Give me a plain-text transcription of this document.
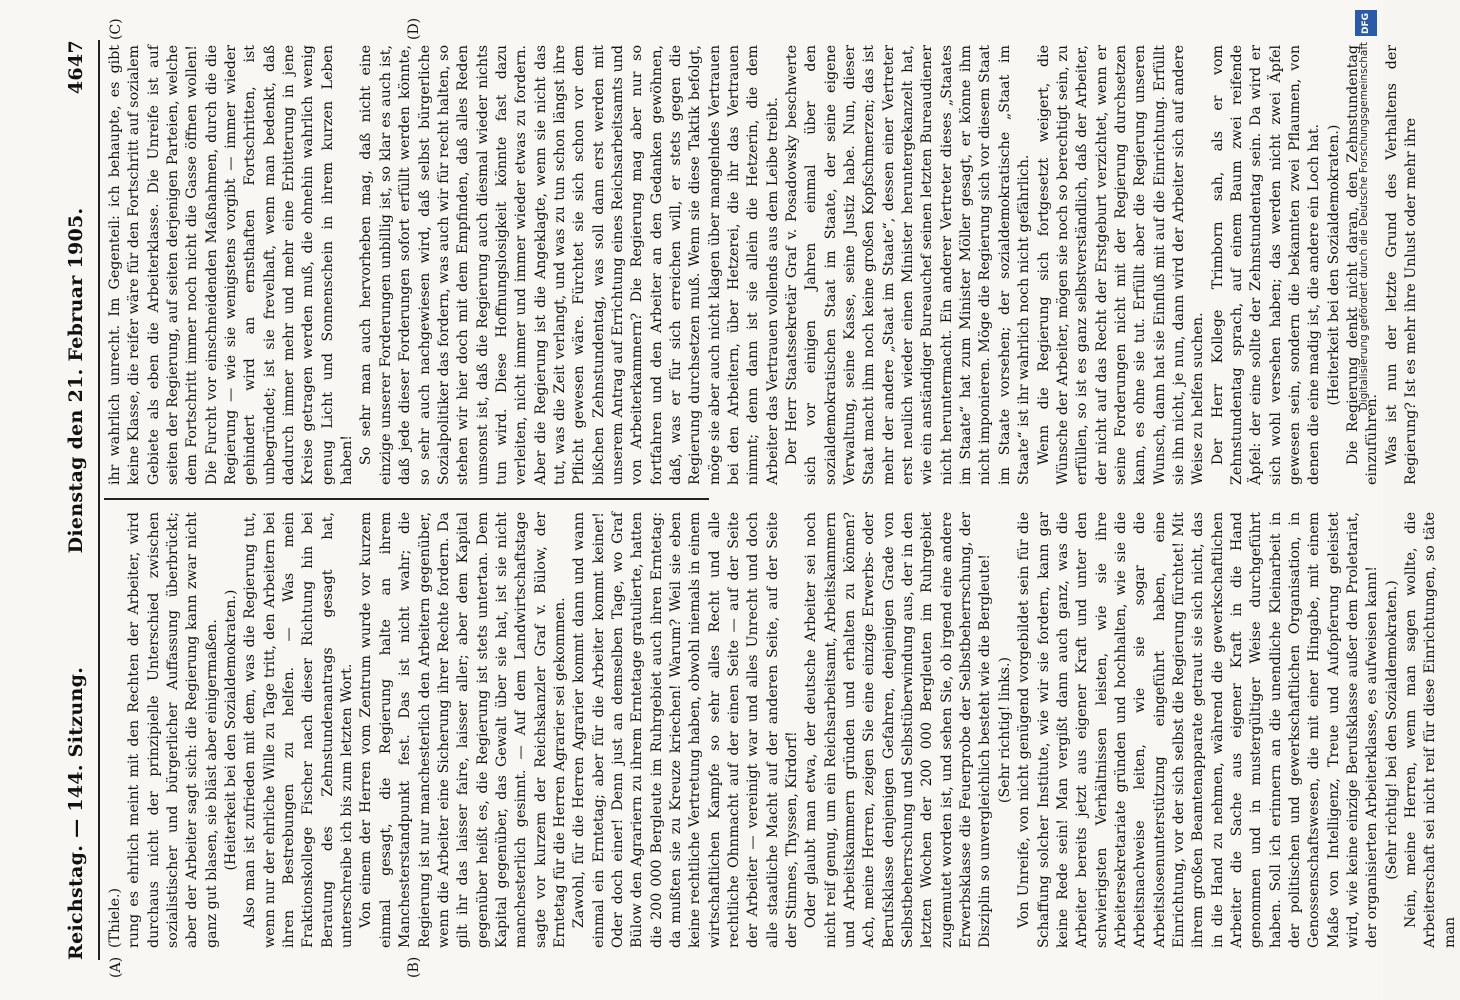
Reichstag. — 144. Sitzung.
Dienstag den 21. Februar 1905.
4647
(A)	(B)
(C)	(D)

(Thiele.) rung es ehrlich meint mit den Rechten der Arbeiter, wird durchaus nicht der prinzipielle Unterschied zwischen sozialistischer und bürgerlicher Auffassung überbrückt; aber der Arbeiter sagt sich: die Regierung kann zwar nicht ganz gut blasen, sie bläst aber einigermaßen. (Heiterkeit bei den Sozialdemokraten.) Also man ist zufrieden mit dem, was die Regierung tut, wenn nur der ehrliche Wille zu Tage tritt, den Arbeitern bei ihren Bestrebungen zu helfen. — Was mein Fraktionskollege Fischer nach dieser Richtung hin bei Beratung des Zehnstundenantrags gesagt hat, unterschreibe ich bis zum letzten Wort. Von einem der Herren vom Zentrum wurde vor kurzem einmal gesagt, die Regierung halte an ihrem Manchesterstandpunkt fest. Das ist nicht wahr; die Regierung ist nur manchesterlich den Arbeitern gegenüber, wenn die Arbeiter eine Sicherung ihrer Rechte fordern. Da gilt ihr das laisser faire, laisser aller; aber dem Kapital gegenüber heißt es, die Regierung ist stets untertan. Dem Kapital gegenüber, das Gewalt über sie hat, ist sie nicht manchesterlich gesinnt. — Auf dem Landwirtschaftstage sagte vor kurzem der Reichskanzler Graf v. Bülow, der Erntetag für die Herren Agrarier sei gekommen. Zawohl, für die Herren Agrarier kommt dann und wann einmal ein Erntetag; aber für die Arbeiter kommt keiner! Oder doch einer! Denn just an demselben Tage, wo Graf Bülow den Agrariern zu ihrem Erntetage gratulierte, hatten die 200 000 Bergleute im Ruhrgebiet auch ihren Erntetag: da mußten sie zu Kreuze kriechen! Warum? Weil sie eben keine rechtliche Vertretung haben, obwohl niemals in einem wirtschaftlichen Kampfe so sehr alles Recht und alle rechtliche Ohnmacht auf der einen Seite — auf der Seite der Arbeiter — vereinigt war und alles Unrecht und doch alle staatliche Macht auf der anderen Seite, auf der Seite der Stinnes, Thyssen, Kirdorf! Oder glaubt man etwa, der deutsche Arbeiter sei noch nicht reif genug, um ein Reichsarbeitsamt, Arbeitskammern und Arbeitskammern gründen und erhalten zu können? Ach, meine Herren, zeigen Sie eine einzige Erwerbs- oder Berufsklasse denjenigen Gefahren, denjenigen Grade von Selbstbeherrschung und Selbstüberwindung aus, der in den letzten Wochen der 200 000 Bergleuten im Ruhrgebiet zugemutet worden ist, und sehen Sie, ob irgend eine andere Erwerbsklasse die Feuerprobe der Selbstbeherrschung, der Disziplin so unvergleichlich besteht wie die Bergleute! (Sehr richtig! links.) Von Unreife, von nicht genügend vorgebildet sein für die Schaffung solcher Institute, wie wir sie fordern, kann gar keine Rede sein! Man vergißt dann auch ganz, was die Arbeiter bereits jetzt aus eigener Kraft und unter den schwierigsten Verhältnissen leisten, wie sie ihre Arbeitersekretariate gründen und hochhalten, wie sie die Arbeitsnachweise leiten, wie sie sogar die Arbeitslosenunterstützung eingeführt haben, eine Einrichtung, vor der sich selbst die Regierung fürchtet! Mit ihrem großen Beamtenapparate getraut sie sich nicht, das in die Hand zu nehmen, während die gewerkschaftlichen Arbeiter die Sache aus eigener Kraft in die Hand genommen und in mustergültiger Weise durchgeführt haben. Soll ich erinnern an die unendliche Kleinarbeit in der politischen und gewerkschaftlichen Organisation, in Genossenschaftswesen, die mit einer Hingabe, mit einem Maße von Intelligenz, Treue und Aufopferung geleistet wird, wie keine einzige Berufsklasse außer dem Proletariat, der organisierten Arbeiterklasse, es aufweisen kann! (Sehr richtig! bei den Sozialdemokraten.) Nein, meine Herren, wenn man sagen wollte, die Arbeiterschaft sei nicht reif für diese Einrichtungen, so täte man

ihr wahrlich unrecht. Im Gegenteil: ich behaupte, es gibt keine Klasse, die reifer wäre für den Fortschritt auf sozialem Gebiete als eben die Arbeiterklasse. Die Unreife ist auf seiten der Regierung, auf seiten derjenigen Parteien, welche dem Fortschritt immer noch nicht die Gasse öffnen wollen! Die Furcht vor einschneidenden Maßnahmen, durch die die Regierung — wie sie wenigstens vorgibt — immer wieder gehindert wird an ernsthaften Fortschritten, ist unbegründet; ist sie frevelhaft, wenn man bedenkt, daß dadurch immer mehr und mehr eine Erbitterung in jene Kreise getragen werden muß, die ohnehin wahrlich wenig genug Licht und Sonnenschein in ihrem kurzen Leben haben! So sehr man auch hervorheben mag, daß nicht eine einzige unserer Forderungen unbillig ist, so klar es auch ist, daß jede dieser Forderungen sofort erfüllt werden könnte, so sehr auch nachgewiesen wird, daß selbst bürgerliche Sozialpolitiker das fordern, was auch wir für recht halten, so stehen wir hier doch mit dem Empfinden, daß alles Reden umsonst ist, daß die Regierung auch diesmal wieder nichts tun wird. Diese Hoffnungslosigkeit könnte fast dazu verleiten, nicht immer und immer wieder etwas zu fordern. Aber die Regierung ist die Angeklagte, wenn sie nicht das tut, was die Zeit verlangt, und was zu tun schon längst ihre Pflicht gewesen wäre. Fürchtet sie sich schon vor dem bißchen Zehnstundentag, was soll dann erst werden mit unserem Antrag auf Errichtung eines Reichsarbeitsamts und von Arbeiterkammern? Die Regierung mag aber nur so fortfahren und den Arbeiter an den Gedanken gewöhnen, daß, was er für sich erreichen will, er stets gegen die Regierung durchsetzen muß. Wenn sie diese Taktik befolgt, möge sie aber auch nicht klagen über mangelndes Vertrauen bei den Arbeitern, über Hetzerei, die ihr das Vertrauen nimmt; denn dann ist sie allein die Hetzerin, die dem Arbeiter das Vertrauen vollends aus dem Leibe treibt. Der Herr Staatssekretär Graf v. Posadowsky beschwerte sich vor einigen Jahren einmal über den sozialdemokratischen Staat im Staate, der seine eigene Verwaltung, seine Kasse, seine Justiz habe. Nun, dieser Staat macht ihm noch keine großen Kopfschmerzen; das ist mehr der andere „Staat im Staate“, dessen einer Vertreter erst neulich wieder einen Minister heruntergekanzelt hat, wie ein anständiger Bureauchef seinen letzten Bureaudiener nicht heruntermacht. Ein anderer Vertreter dieses „Staates im Staate“ hat zum Minister Möller gesagt, er könne ihm nicht imponieren. Möge die Regierung sich vor diesem Staat im Staate vorsehen; der sozialdemokratische „Staat im Staate“ ist ihr wahrlich noch nicht gefährlich. Wenn die Regierung sich fortgesetzt weigert, die Wünsche der Arbeiter, mögen sie noch so berechtigt sein, zu erfüllen, so ist es ganz selbstverständlich, daß der Arbeiter, der nicht auf das Recht der Erstgeburt verzichtet, wenn er seine Forderungen nicht mit der Regierung durchsetzen kann, es ohne sie tut. Erfüllt aber die Regierung unseren Wunsch, dann hat sie Einfluß mit auf die Einrichtung. Erfüllt sie ihn nicht, je nun, dann wird der Arbeiter sich auf andere Weise zu helfen suchen. Der Herr Kollege Trimborn sah, als er vom Zehnstundentag sprach, auf einem Baum zwei reifende Äpfel: der eine sollte der Zehnstundentag sein. Da wird er sich wohl versehen haben; das werden nicht zwei Äpfel gewesen sein, sondern die bekannten zwei Pflaumen, von denen die eine madig ist, die andere ein Loch hat. (Heiterkeit bei den Sozialdemokraten.) Die Regierung denkt nicht daran, den Zehnstundentag einzuführen. Was ist nun der letzte Grund des Verhaltens der Regierung? Ist es mehr ihre Unlust oder mehr ihre

DFG
Digitalisierung gefördert durch die Deutsche Forschungsgemeinschaft
